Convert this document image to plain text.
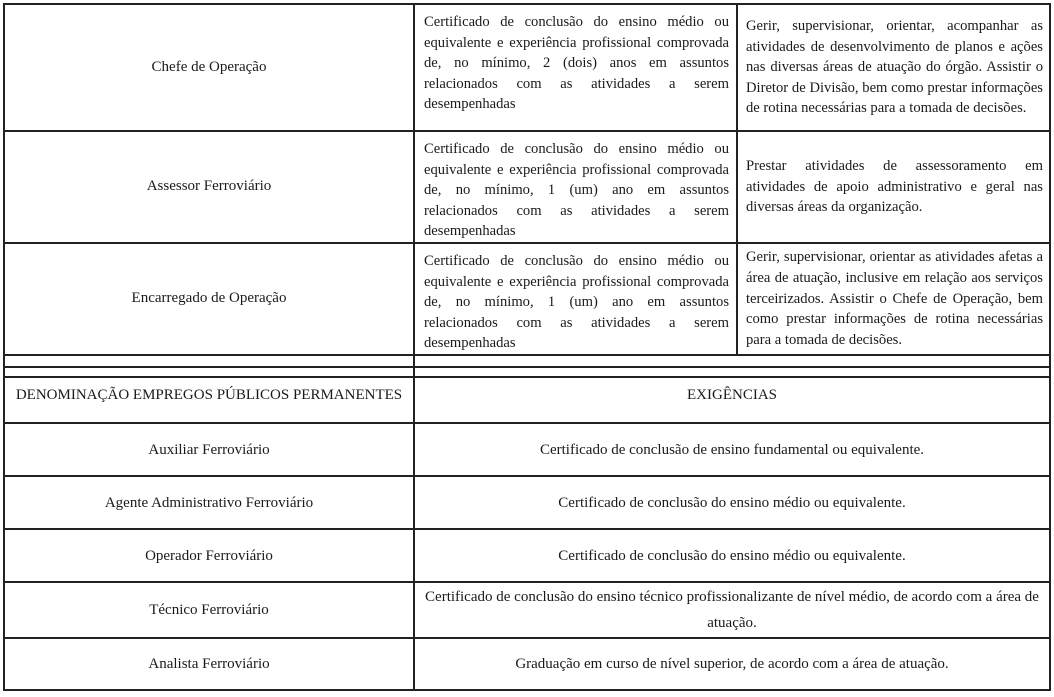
Chefe de Operação	Certificado de conclusão do ensino médio ou equivalente e experiência profissional comprovada de, no mínimo, 2 (dois) anos em assuntos relacionados com as atividades a serem desempenhadas	Gerir, supervisionar, orientar, acompanhar as atividades de desenvolvimento de planos e ações nas diversas áreas de atuação do órgão. Assistir o Diretor de Divisão, bem como prestar informações de rotina necessárias para a tomada de decisões.
Assessor Ferroviário	Certificado de conclusão do ensino médio ou equivalente e experiência profissional comprovada de, no mínimo, 1 (um) ano em assuntos relacionados com as atividades a serem desempenhadas	Prestar atividades de assessoramento em atividades de apoio administrativo e geral nas diversas áreas da organização.
Encarregado de Operação	Certificado de conclusão do ensino médio ou equivalente e experiência profissional comprovada de, no mínimo, 1 (um) ano em assuntos relacionados com as atividades a serem desempenhadas	Gerir, supervisionar, orientar as atividades afetas a área de atuação, inclusive em relação aos serviços terceirizados. Assistir o Chefe de Operação, bem como prestar informações de rotina necessárias para a tomada de decisões.

DENOMINAÇÃO EMPREGOS PÚBLICOS PERMANENTES	EXIGÊNCIAS
Auxiliar Ferroviário	Certificado de conclusão de ensino fundamental ou equivalente.
Agente Administrativo Ferroviário	Certificado de conclusão do ensino médio ou equivalente.
Operador Ferroviário	Certificado de conclusão do ensino médio ou equivalente.
Técnico Ferroviário	Certificado de conclusão do ensino técnico profissionalizante de nível médio, de acordo com a área de atuação.
Analista Ferroviário	Graduação em curso de nível superior, de acordo com a área de atuação.
